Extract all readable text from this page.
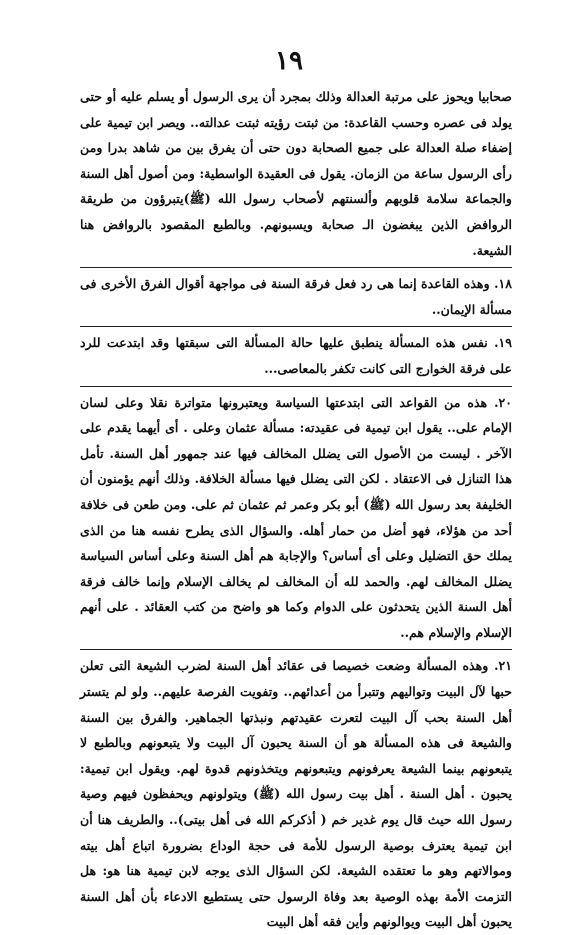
١٩

صحابيا ويحوز على مرتبة العدالة وذلك بمجرد أن يرى الرسول أو يسلم عليه أو حتى يولد فى عصره وحسب القاعدة: من ثبتت رؤيته ثبتت عدالته.. ويصر ابن تيمية على إضفاء صلة العدالة على جميع الصحابة دون حتى أن يفرق بين من شاهد بدرا ومن رأى الرسول ساعة من الزمان. يقول فى العقيدة الواسطية: ومن أصول أهل السنة والجماعة سلامة قلوبهم وألسنتهم لأصحاب رسول الله (ﷺ)يتبرؤون من طريقة الروافض الذين يبغضون الـ صحابة ويسبونهم. وبالطبع المقصود بالروافض هنا الشيعة.

١٨. وهذه القاعدة إنما هى رد فعل فرقة السنة فى مواجهة أقوال الفرق الأخرى فى مسألة الإيمان..

١٩. نفس هذه المسألة ينطبق عليها حالة المسألة التى سبقتها وقد ابتدعت للرد على فرقة الخوارج التى كانت تكفر بالمعاصى...

٢٠. هذه من القواعد التى ابتدعتها السياسة ويعتبرونها متواترة نقلا وعلى لسان الإمام على.. يقول ابن تيمية فى عقيدته: مسألة عثمان وعلى . أى أيهما يقدم على الآخر . ليست من الأصول التى يضلل المخالف فيها عند جمهور أهل السنة. تأمل هذا التنازل فى الاعتقاد . لكن التى يضلل فيها مسألة الخلافة. وذلك أنهم يؤمنون أن الخليفة بعد رسول الله (ﷺ) أبو بكر وعمر ثم عثمان ثم على. ومن طعن فى خلافة أحد من هؤلاء، فهو أضل من حمار أهله. والسؤال الذى يطرح نفسه هنا من الذى يملك حق التضليل وعلى أى أساس؟ والإجابة هم أهل السنة وعلى أساس السياسة يضلل المخالف لهم. والحمد لله أن المخالف لم يخالف الإسلام وإنما خالف فرقة أهل السنة الذين يتحدثون على الدوام وكما هو واضح من كتب العقائد . على أنهم الإسلام والإسلام هم..

٢١. وهذه المسألة وضعت خصيصا فى عقائد أهل السنة لضرب الشيعة التى تعلن حبها لآل البيت وتواليهم وتتبرأ من أعدائهم.. وتفويت الفرصة عليهم.. ولو لم يتستر أهل السنة بحب آل البيت لتعرت عقيدتهم ونبذتها الجماهير. والفرق بين السنة والشيعة فى هذه المسألة هو أن السنة يحبون آل البيت ولا يتبعونهم وبالطبع لا يتبعونهم بينما الشيعة يعرفونهم ويتبعونهم ويتخذونهم قدوة لهم. ويقول ابن تيمية: يحبون . أهل السنة . أهل بيت رسول الله (ﷺ) ويتولونهم ويحفظون فيهم وصية رسول الله حيث قال يوم غدير خم ( أذكركم الله فى أهل بيتى).. والطريف هنا أن ابن تيمية يعترف بوصية الرسول للأمة فى حجة الوداع بضرورة اتباع أهل بيته وموالاتهم وهو ما تعتقده الشيعة. لكن السؤال الذى يوجه لابن تيمية هنا هو: هل التزمت الأمة بهذه الوصية بعد وفاة الرسول حتى يستطيع الادعاء بأن أهل السنة يحبون أهل البيت ويوالونهم وأين فقه أهل البيت
